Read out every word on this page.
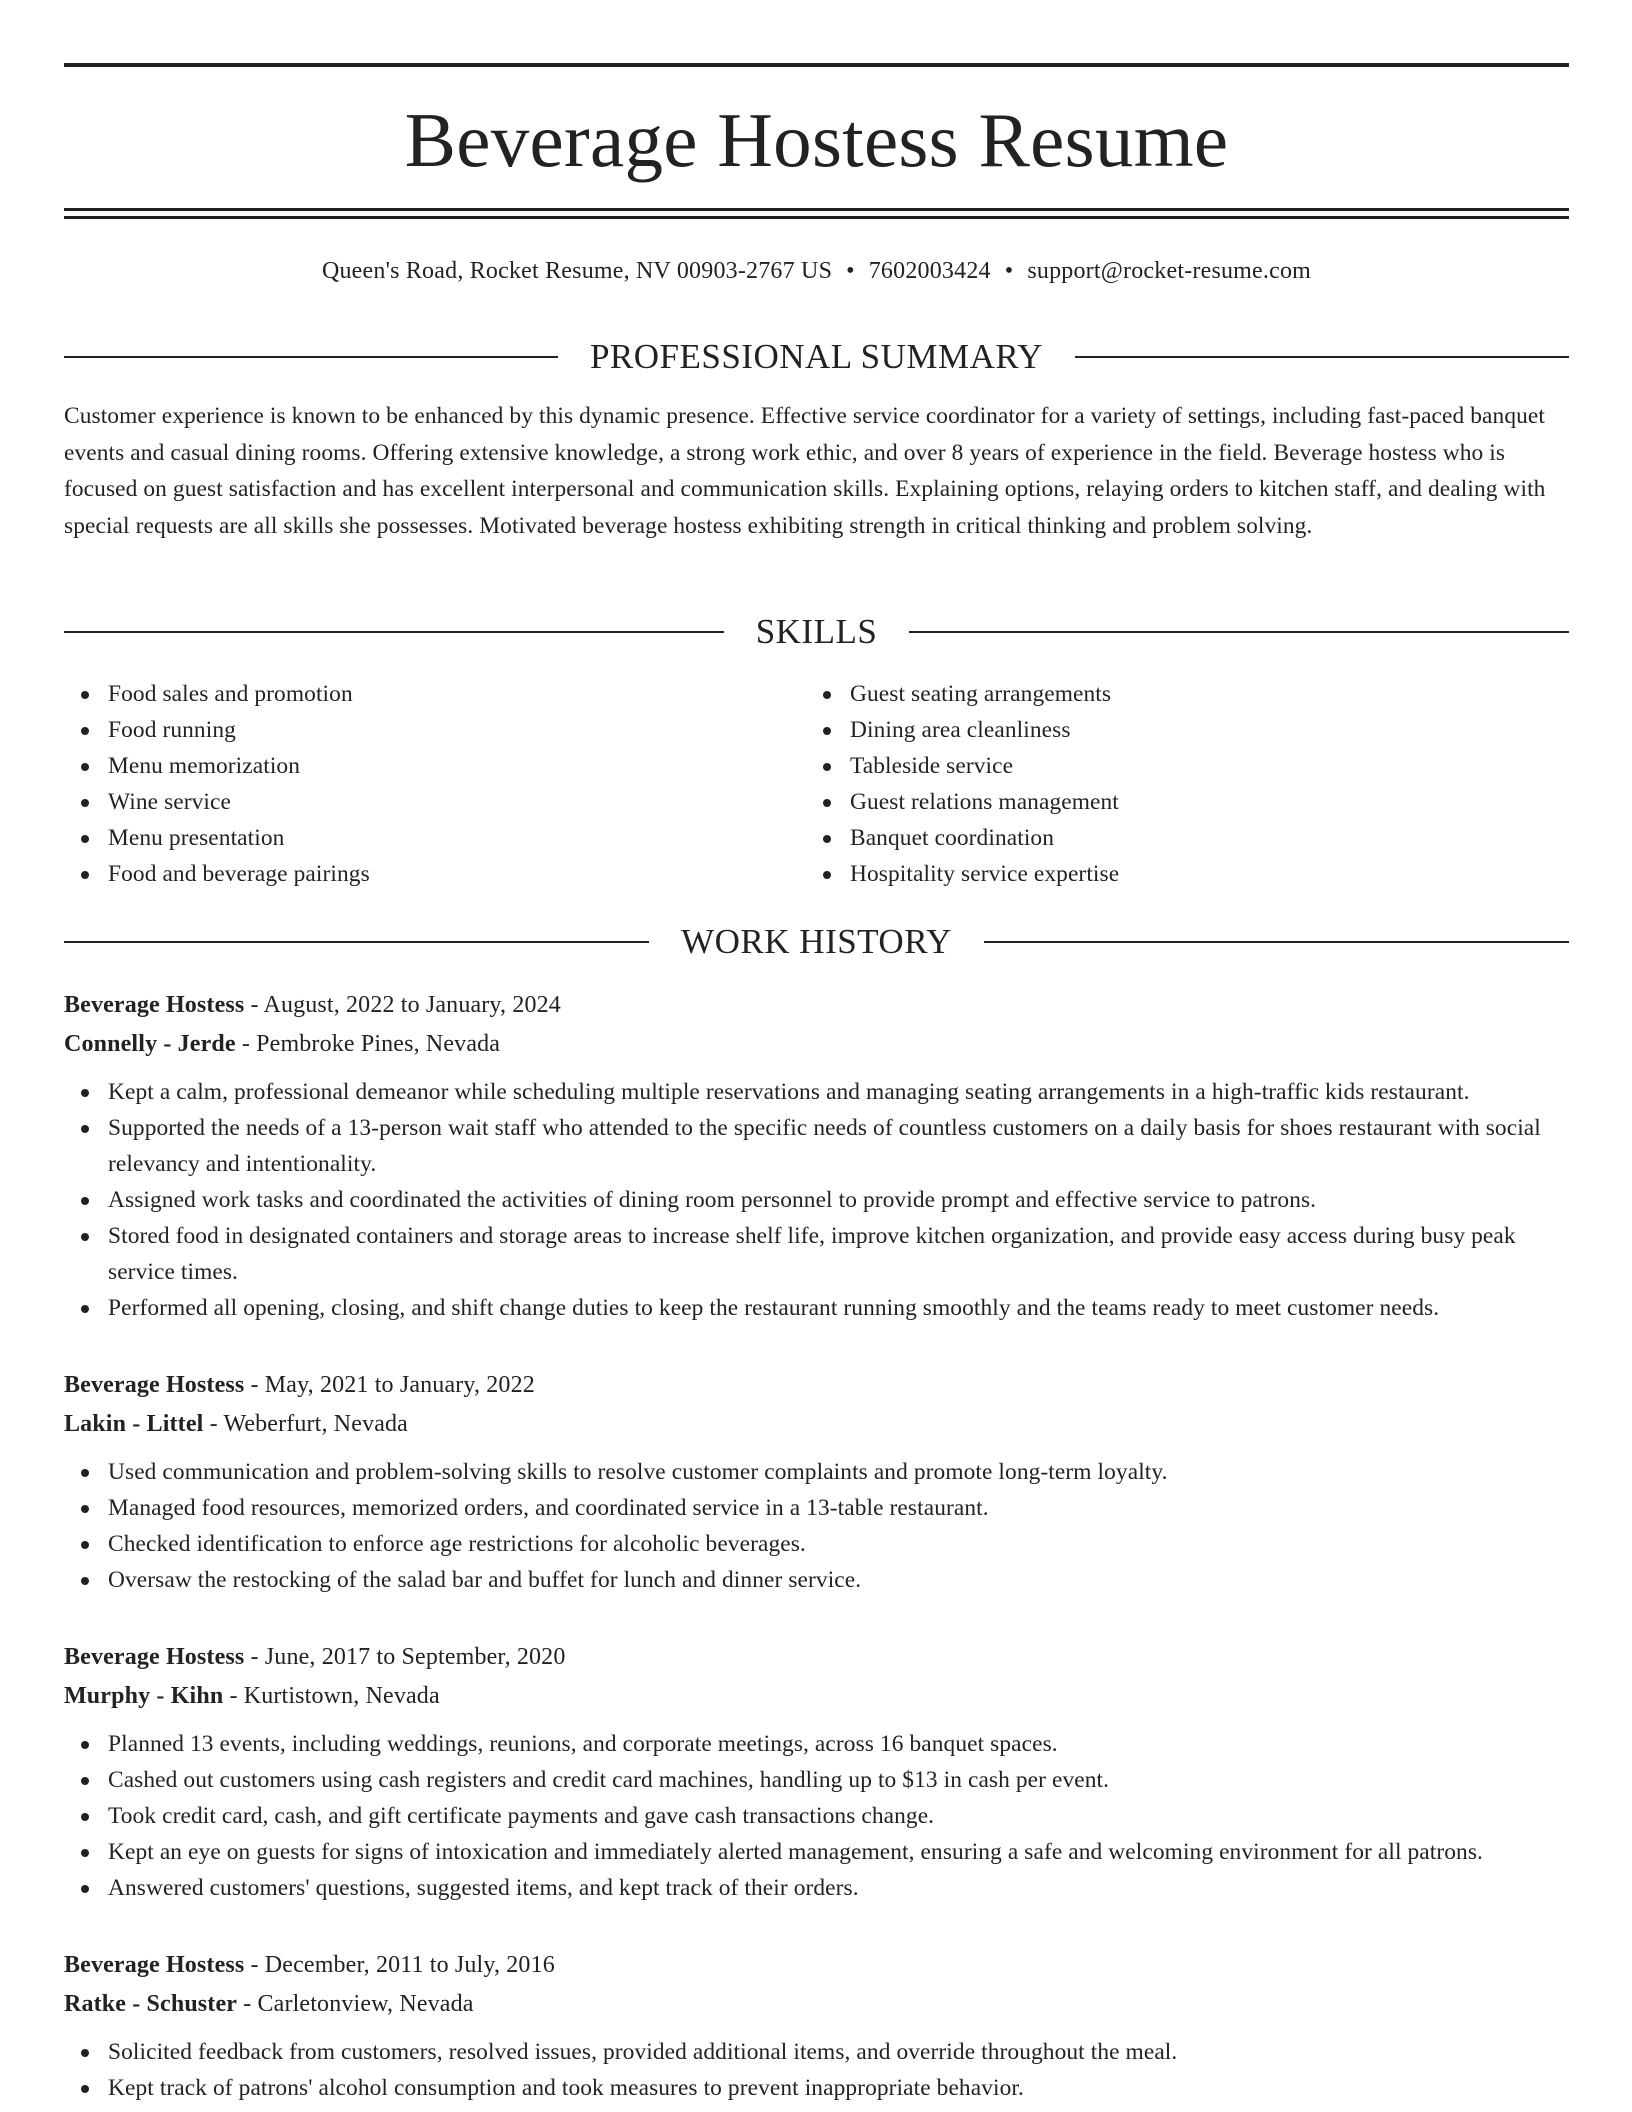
Beverage Hostess Resume
Queen's Road, Rocket Resume, NV 00903-2767 US • 7602003424 • support@rocket-resume.com
PROFESSIONAL SUMMARY
Customer experience is known to be enhanced by this dynamic presence. Effective service coordinator for a variety of settings, including fast-paced banquet events and casual dining rooms. Offering extensive knowledge, a strong work ethic, and over 8 years of experience in the field. Beverage hostess who is focused on guest satisfaction and has excellent interpersonal and communication skills. Explaining options, relaying orders to kitchen staff, and dealing with special requests are all skills she possesses. Motivated beverage hostess exhibiting strength in critical thinking and problem solving.
SKILLS
Food sales and promotion
Food running
Menu memorization
Wine service
Menu presentation
Food and beverage pairings
Guest seating arrangements
Dining area cleanliness
Tableside service
Guest relations management
Banquet coordination
Hospitality service expertise
WORK HISTORY
Beverage Hostess - August, 2022 to January, 2024
Connelly - Jerde - Pembroke Pines, Nevada
Kept a calm, professional demeanor while scheduling multiple reservations and managing seating arrangements in a high-traffic kids restaurant.
Supported the needs of a 13-person wait staff who attended to the specific needs of countless customers on a daily basis for shoes restaurant with social relevancy and intentionality.
Assigned work tasks and coordinated the activities of dining room personnel to provide prompt and effective service to patrons.
Stored food in designated containers and storage areas to increase shelf life, improve kitchen organization, and provide easy access during busy peak service times.
Performed all opening, closing, and shift change duties to keep the restaurant running smoothly and the teams ready to meet customer needs.
Beverage Hostess - May, 2021 to January, 2022
Lakin - Littel - Weberfurt, Nevada
Used communication and problem-solving skills to resolve customer complaints and promote long-term loyalty.
Managed food resources, memorized orders, and coordinated service in a 13-table restaurant.
Checked identification to enforce age restrictions for alcoholic beverages.
Oversaw the restocking of the salad bar and buffet for lunch and dinner service.
Beverage Hostess - June, 2017 to September, 2020
Murphy - Kihn - Kurtistown, Nevada
Planned 13 events, including weddings, reunions, and corporate meetings, across 16 banquet spaces.
Cashed out customers using cash registers and credit card machines, handling up to $13 in cash per event.
Took credit card, cash, and gift certificate payments and gave cash transactions change.
Kept an eye on guests for signs of intoxication and immediately alerted management, ensuring a safe and welcoming environment for all patrons.
Answered customers' questions, suggested items, and kept track of their orders.
Beverage Hostess - December, 2011 to July, 2016
Ratke - Schuster - Carletonview, Nevada
Solicited feedback from customers, resolved issues, provided additional items, and override throughout the meal.
Kept track of patrons' alcohol consumption and took measures to prevent inappropriate behavior.
